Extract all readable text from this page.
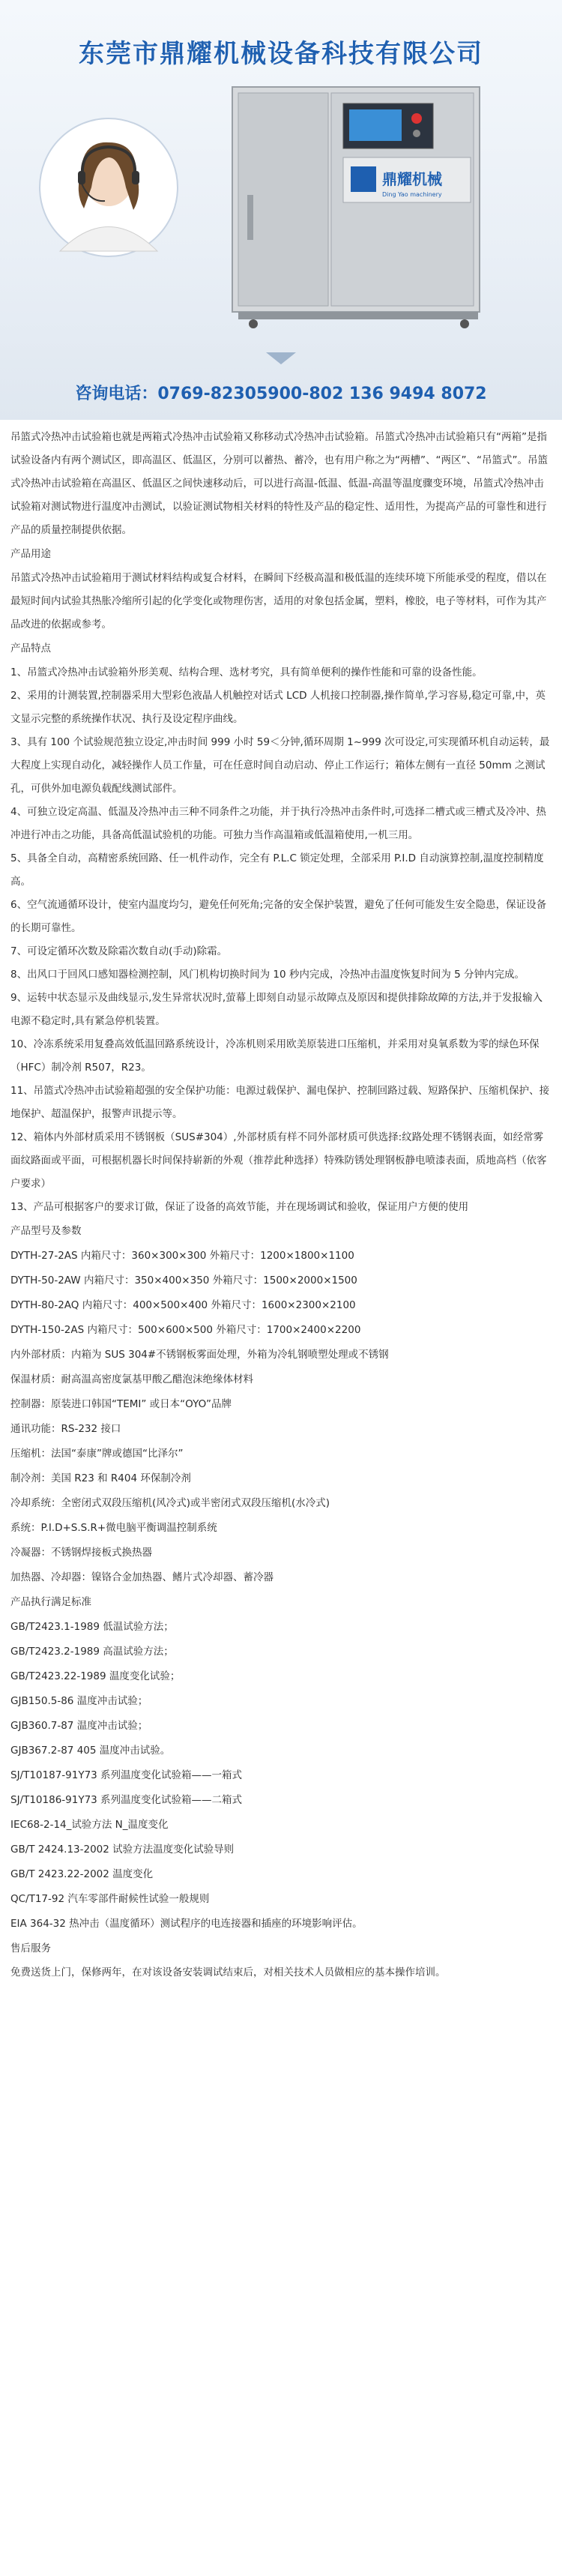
东莞市鼎耀机械设备科技有限公司
鼎耀机械
Ding Yao machinery
咨询电话：0769-82305900-802 136 9494 8072

吊篮式冷热冲击试验箱也就是两箱式冷热冲击试验箱又称移动式冷热冲击试验箱。吊篮式冷热冲击试验箱只有“两箱”是指试验设备内有两个测试区，即高温区、低温区，分别可以蓄热、蓄冷，也有用户称之为“两槽”、“两区”、“吊篮式”。吊篮式冷热冲击试验箱在高温区、低温区之间快速移动后，可以进行高温-低温、低温-高温等温度骤变环境，吊篮式冷热冲击试验箱对测试物进行温度冲击测试，以验证测试物相关材料的特性及产品的稳定性、适用性，为提高产品的可靠性和进行产品的质量控制提供依据。

产品用途

吊篮式冷热冲击试验箱用于测试材料结构或复合材料，在瞬间下经极高温和极低温的连续环境下所能承受的程度，借以在最短时间内试验其热胀冷缩所引起的化学变化或物理伤害，适用的对象包括金属，塑料，橡胶，电子等材料，可作为其产品改进的依据或参考。

产品特点

1、吊篮式冷热冲击试验箱外形美观、结构合理、选材考究，具有简单便利的操作性能和可靠的设备性能。

2、采用的计测装置,控制器采用大型彩色液晶人机触控对话式 LCD 人机接口控制器,操作简单,学习容易,稳定可靠,中，英文显示完整的系统操作状况、执行及设定程序曲线。

3、具有 100 个试验规范独立设定,冲击时间 999 小时 59＜分钟,循环周期 1~999 次可设定,可实现循环机自动运转，最大程度上实现自动化，减轻操作人员工作量，可在任意时间自动启动、停止工作运行；箱体左侧有一直径 50mm 之测试孔，可供外加电源负载配线测试部件。

4、可独立设定高温、低温及冷热冲击三种不同条件之功能，并于执行冷热冲击条件时,可选择二槽式或三槽式及冷冲、热冲进行冲击之功能，具备高低温试验机的功能。可独力当作高温箱或低温箱使用,一机三用。

5、具备全自动，高精密系统回路、任一机件动作，完全有 P.L.C 锁定处理，全部采用 P.I.D 自动演算控制,温度控制精度高。

6、空气流通循环设计，使室内温度均匀，避免任何死角;完备的安全保护装置，避免了任何可能发生安全隐患，保证设备的长期可靠性。

7、可设定循环次数及除霜次数自动(手动)除霜。

8、出风口于回风口感知器检测控制，风门机构切换时间为 10 秒内完成，冷热冲击温度恢复时间为 5 分钟内完成。

9、运转中状态显示及曲线显示,发生异常状况时,萤幕上即刻自动显示故障点及原因和提供排除故障的方法,并于发报输入电源不稳定时,具有紧急停机装置。

10、冷冻系统采用复叠高效低温回路系统设计，冷冻机则采用欧美原装进口压缩机，并采用对臭氧系数为零的绿色环保（HFC）制冷剂 R507，R23。

11、吊篮式冷热冲击试验箱超强的安全保护功能：电源过载保护、漏电保护、控制回路过载、短路保护、压缩机保护、接地保护、超温保护，报警声讯提示等。

12、箱体内外部材质采用不锈钢板（SUS#304）,外部材质有样不同外部材质可供选择:纹路处理不锈钢表面，如经常雾面纹路面或平面，可根据机器长时间保持崭新的外观（推荐此种选择）特殊防锈处理钢板静电喷漆表面，质地高档（依客户要求）

13、产品可根据客户的要求订做，保证了设备的高效节能，并在现场调试和验收，保证用户方便的使用

产品型号及参数

DYTH-27-2AS 内箱尺寸：360×300×300 外箱尺寸：1200×1800×1100

DYTH-50-2AW 内箱尺寸：350×400×350 外箱尺寸：1500×2000×1500

DYTH-80-2AQ 内箱尺寸：400×500×400 外箱尺寸：1600×2300×2100

DYTH-150-2AS 内箱尺寸：500×600×500 外箱尺寸：1700×2400×2200

内外部材质：内箱为 SUS 304#不锈钢板雾面处理，外箱为冷轧钢喷塑处理或不锈钢

保温材质：耐高温高密度氯基甲酸乙醋泡沫绝缘体材料

控制器：原装进口韩国“TEMI” 或日本“OYO”品牌

通讯功能：RS-232 接口

压缩机：法国“泰康”牌或德国“比泽尔”

制冷剂：美国 R23 和 R404 环保制冷剂

冷却系统：全密闭式双段压缩机(风冷式)或半密闭式双段压缩机(水冷式)

系统：P.I.D+S.S.R+微电脑平衡调温控制系统

冷凝器：不锈钢焊接板式换热器

加热器、冷却器：镍铬合金加热器、鳍片式冷却器、蓄冷器

产品执行满足标准

GB/T2423.1-1989 低温试验方法；

GB/T2423.2-1989 高温试验方法；

GB/T2423.22-1989 温度变化试验；

GJB150.5-86 温度冲击试验；

GJB360.7-87 温度冲击试验；

GJB367.2-87 405 温度冲击试验。

SJ/T10187-91Y73 系列温度变化试验箱——一箱式

SJ/T10186-91Y73 系列温度变化试验箱——二箱式

IEC68-2-14_试验方法 N_温度变化

GB/T 2424.13-2002 试验方法温度变化试验导则

GB/T 2423.22-2002 温度变化

QC/T17-92 汽车零部件耐候性试验一般规则

EIA 364-32 热冲击（温度循环）测试程序的电连接器和插座的环境影响评估。

售后服务

免费送货上门，保修两年，在对该设备安装调试结束后，对相关技术人员做相应的基本操作培训。
